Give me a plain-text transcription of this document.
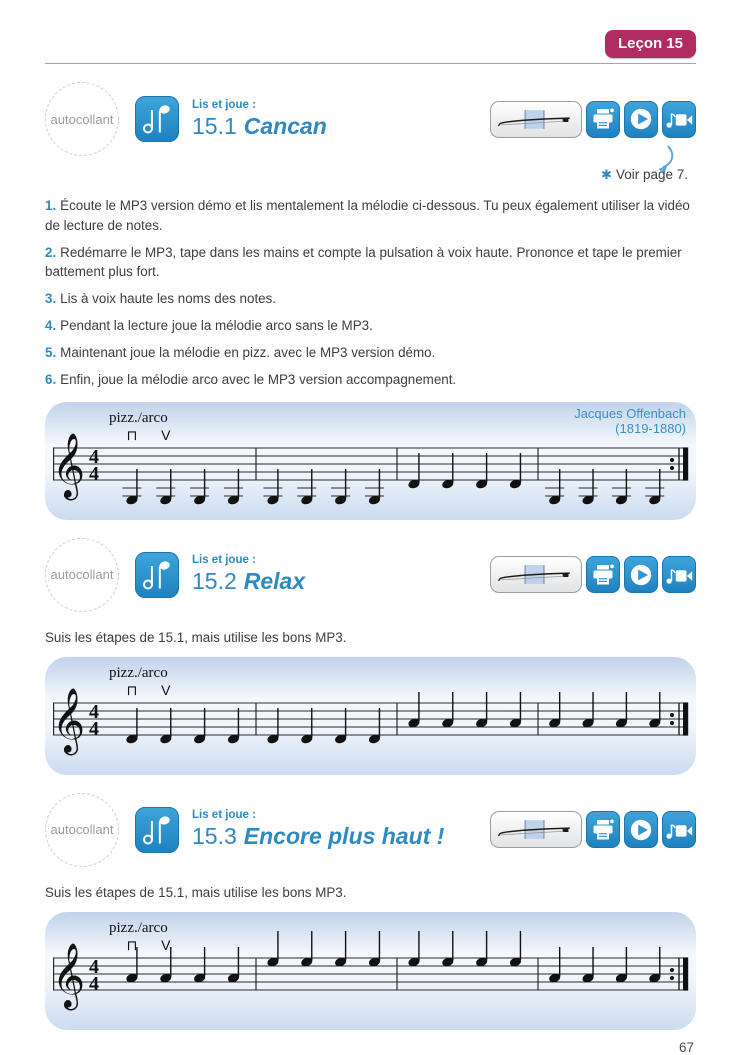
Leçon 15
autocollant
Lis et joue :
15.1 Cancan
✱ Voir page 7.

1. Écoute le MP3 version démo et lis mentalement la mélodie ci-dessous. Tu peux également utiliser la vidéo de lecture de notes.

2. Redémarre le MP3, tape dans les mains et compte la pulsation à voix haute. Prononce et tape le premier battement plus fort.

3. Lis à voix haute les noms des notes.

4. Pendant la lecture joue la mélodie arco sans le MP3.

5. Maintenant joue la mélodie en pizz. avec le MP3 version démo.

6. Enfin, joue la mélodie arco avec le MP3 version accompagnement.

𝄞 4
4
pizz./arco	Jacques Offenbach
(1819-1880)
⊓ V
autocollant
Lis et joue :
15.2 Relax

Suis les étapes de 15.1, mais utilise les bons MP3.

𝄞 4
4
pizz./arco
⊓ V
autocollant
Lis et joue :
15.3 Encore plus haut !

Suis les étapes de 15.1, mais utilise les bons MP3.

𝄞 4
4
pizz./arco
⊓ V
67
